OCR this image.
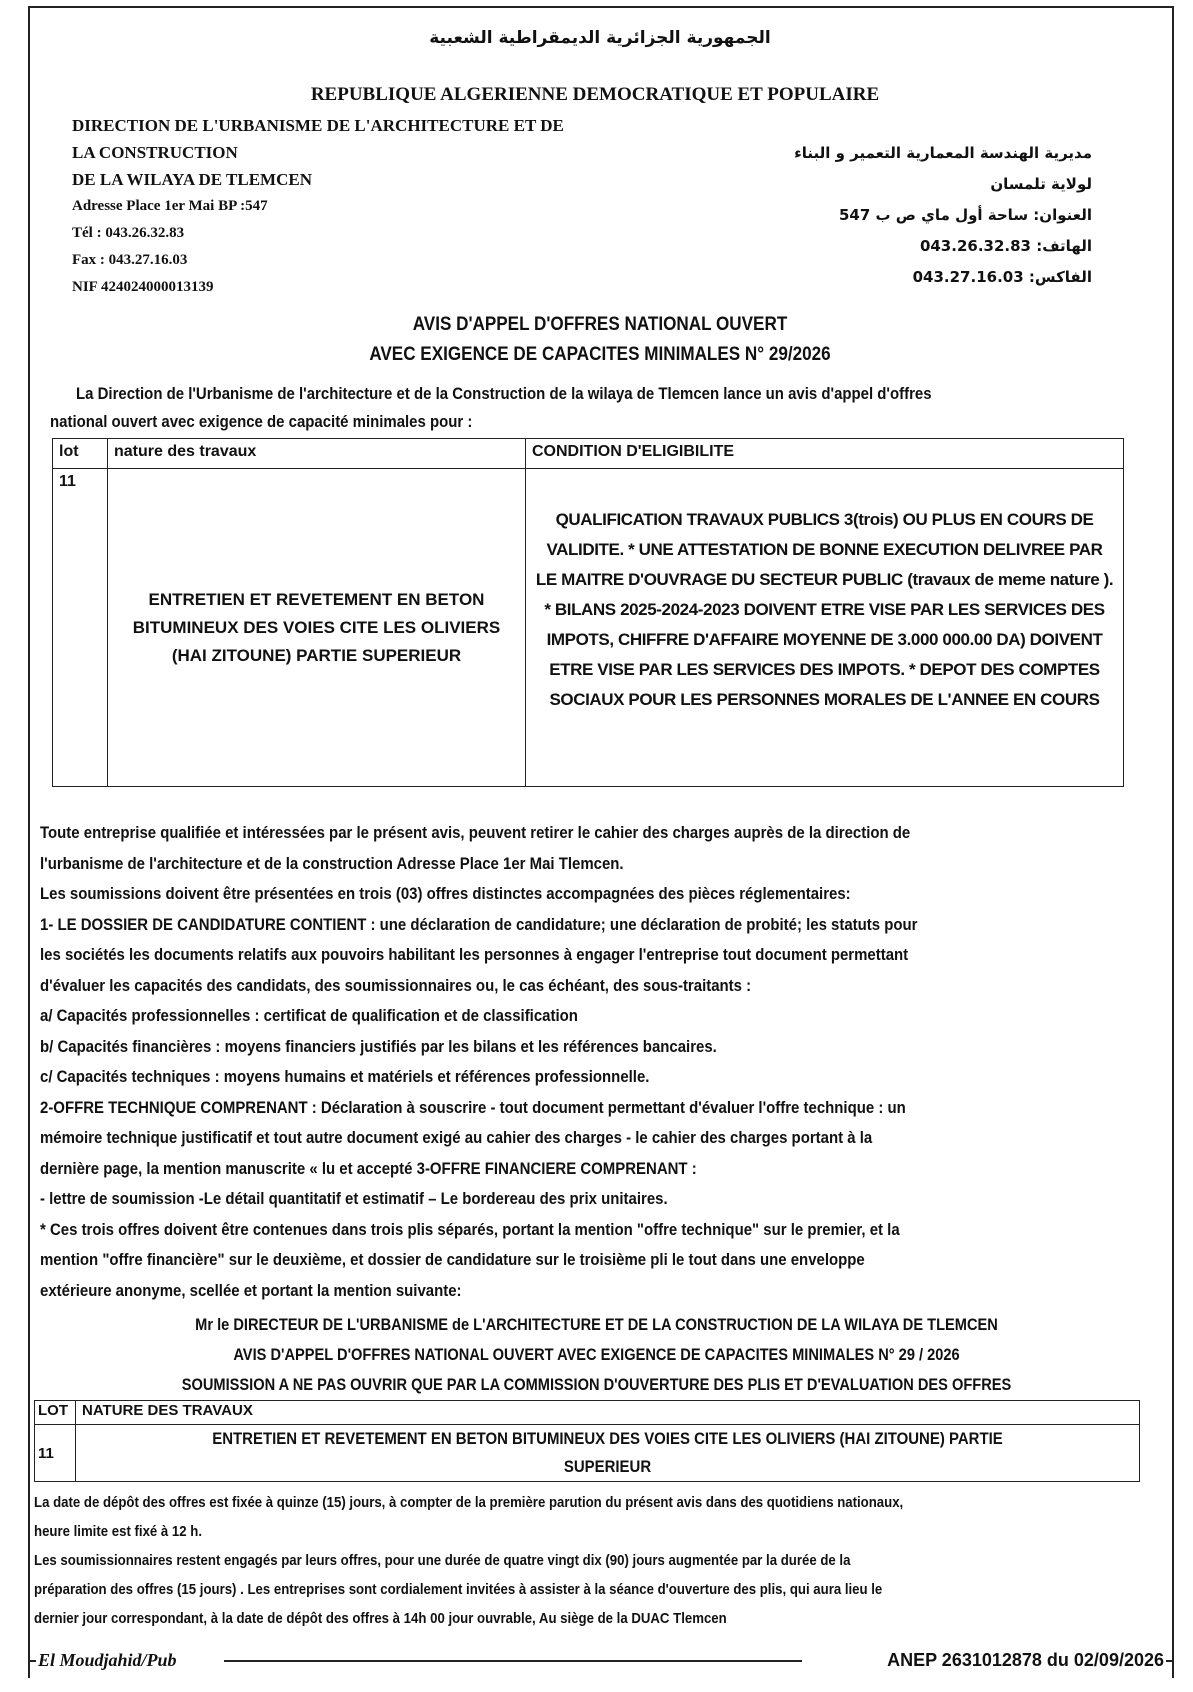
الجمهورية الجزائرية الديمقراطية الشعبية
REPUBLIQUE ALGERIENNE DEMOCRATIQUE ET POPULAIRE
DIRECTION DE L'URBANISME DE L'ARCHITECTURE ET DE
LA CONSTRUCTION
DE LA WILAYA DE TLEMCEN
Adresse Place 1er Mai BP :547
Tél : 043.26.32.83
Fax : 043.27.16.03
NIF 424024000013139
مديرية الهندسة المعمارية التعمير و البناء
لولاية تلمسان
العنوان: ساحة أول ماي ص ب 547
الهاتف: 043.26.32.83
الفاكس: 043.27.16.03
AVIS D'APPEL D'OFFRES NATIONAL OUVERT
AVEC EXIGENCE DE CAPACITES MINIMALES N° 29/2026
La Direction de l'Urbanisme de l'architecture et de la Construction de la wilaya de Tlemcen lance un avis d'appel d'offres
national ouvert avec exigence de capacité minimales pour :
lot	nature des travaux	CONDITION D'ELIGIBILITE
11	ENTRETIEN ET REVETEMENT EN BETON BITUMINEUX DES VOIES CITE LES OLIVIERS (HAI ZITOUNE) PARTIE SUPERIEUR	QUALIFICATION TRAVAUX PUBLICS 3(trois) OU PLUS EN COURS DE VALIDITE. * UNE ATTESTATION DE BONNE EXECUTION DELIVREE PAR LE MAITRE D'OUVRAGE DU SECTEUR PUBLIC (travaux de meme nature ). * BILANS 2025-2024-2023 DOIVENT ETRE VISE PAR LES SERVICES DES IMPOTS, CHIFFRE D'AFFAIRE MOYENNE DE 3.000 000.00 DA) DOIVENT ETRE VISE PAR LES SERVICES DES IMPOTS. * DEPOT DES COMPTES SOCIAUX POUR LES PERSONNES MORALES DE L'ANNEE EN COURS
Toute entreprise qualifiée et intéressées par le présent avis, peuvent retirer le cahier des charges auprès de la direction de
l'urbanisme de l'architecture et de la construction Adresse Place 1er Mai Tlemcen.
Les soumissions doivent être présentées en trois (03) offres distinctes accompagnées des pièces réglementaires:
1- LE DOSSIER DE CANDIDATURE CONTIENT : une déclaration de candidature; une déclaration de probité; les statuts pour
les sociétés les documents relatifs aux pouvoirs habilitant les personnes à engager l'entreprise tout document permettant
d'évaluer les capacités des candidats, des soumissionnaires ou, le cas échéant, des sous-traitants :
a/ Capacités professionnelles : certificat de qualification et de classification
b/ Capacités financières : moyens financiers justifiés par les bilans et les références bancaires.
c/ Capacités techniques : moyens humains et matériels et références professionnelle.
2-OFFRE TECHNIQUE COMPRENANT : Déclaration à souscrire - tout document permettant d'évaluer l'offre technique : un
mémoire technique justificatif et tout autre document exigé au cahier des charges - le cahier des charges portant à la
dernière page, la mention manuscrite « lu et accepté 3-OFFRE FINANCIERE COMPRENANT :
- lettre de soumission -Le détail quantitatif et estimatif – Le bordereau des prix unitaires.
* Ces trois offres doivent être contenues dans trois plis séparés, portant la mention "offre technique" sur le premier, et la
mention "offre financière" sur le deuxième, et dossier de candidature sur le troisième pli le tout dans une enveloppe
extérieure anonyme, scellée et portant la mention suivante:
Mr le DIRECTEUR DE L'URBANISME de L'ARCHITECTURE ET DE LA CONSTRUCTION DE LA WILAYA DE TLEMCEN
AVIS D'APPEL D'OFFRES NATIONAL OUVERT AVEC EXIGENCE DE CAPACITES MINIMALES N° 29 / 2026
SOUMISSION A NE PAS OUVRIR QUE PAR LA COMMISSION D'OUVERTURE DES PLIS ET D'EVALUATION DES OFFRES
LOT	NATURE DES TRAVAUX
11	ENTRETIEN ET REVETEMENT EN BETON BITUMINEUX DES VOIES CITE LES OLIVIERS (HAI ZITOUNE) PARTIE
SUPERIEUR
La date de dépôt des offres est fixée à quinze (15) jours, à compter de la première parution du présent avis dans des quotidiens nationaux,
heure limite est fixé à 12 h.
Les soumissionnaires restent engagés par leurs offres, pour une durée de quatre vingt dix (90) jours augmentée par la durée de la
préparation des offres (15 jours) . Les entreprises sont cordialement invitées à assister à la séance d'ouverture des plis, qui aura lieu le
dernier jour correspondant, à la date de dépôt des offres à 14h 00 jour ouvrable, Au siège de la DUAC Tlemcen
El Moudjahid/Pub	ANEP 2631012878 du 02/09/2026
